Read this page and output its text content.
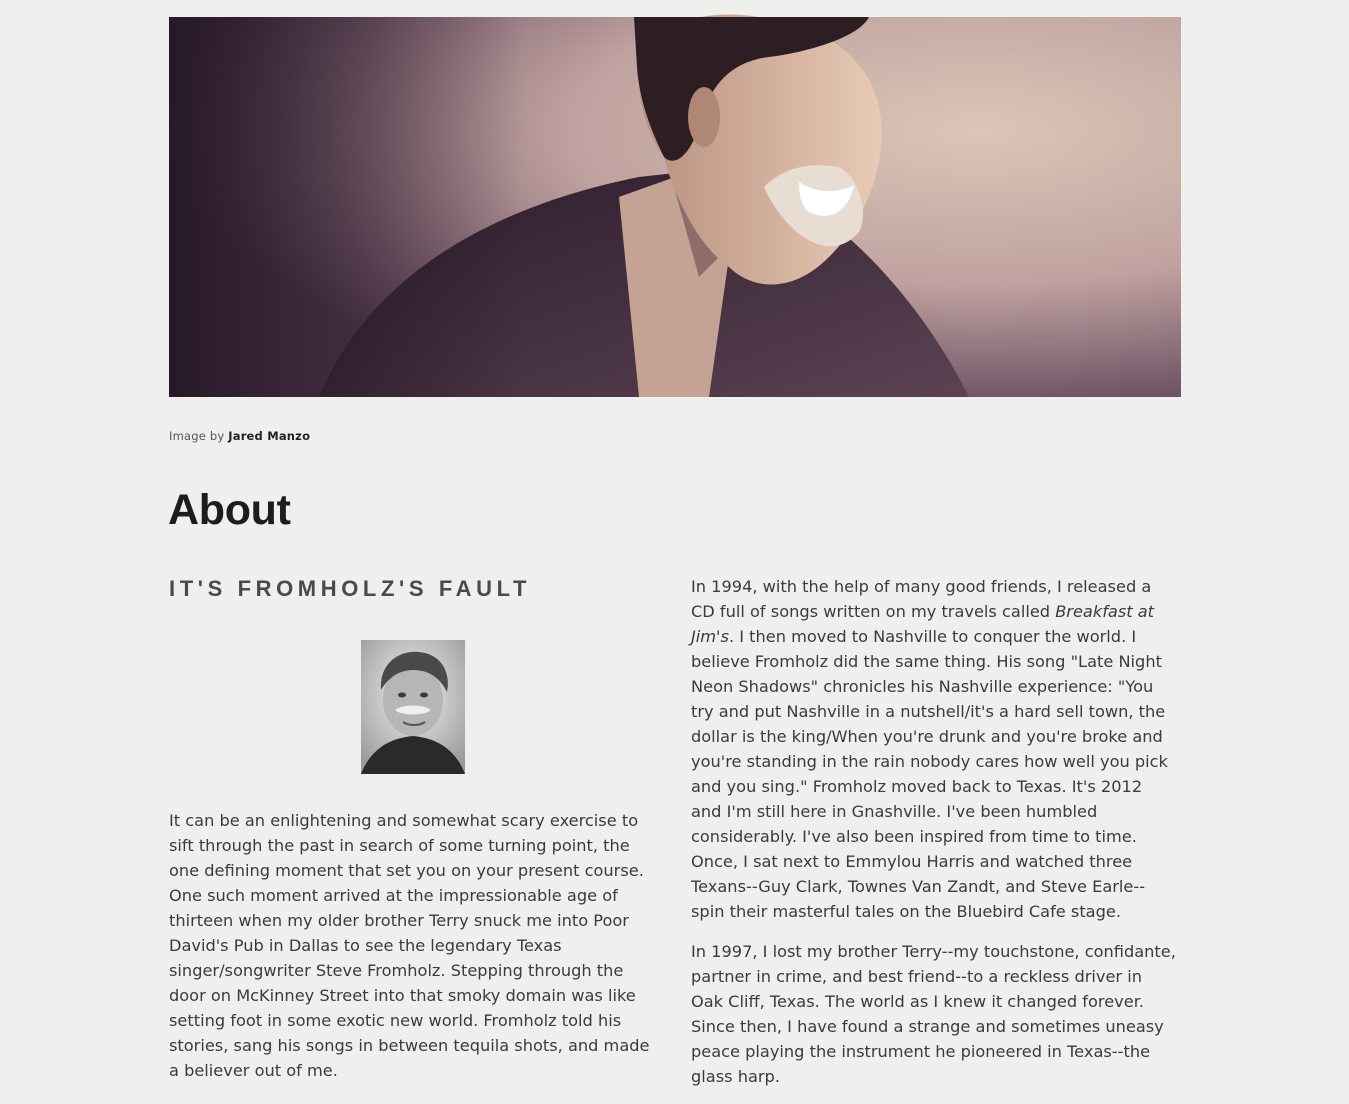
Image by Jared Manzo
About
IT'S FROMHOLZ'S FAULT

It can be an enlightening and somewhat scary exercise to sift through the past in search of some turning point, the one defining moment that set you on your present course. One such moment arrived at the impressionable age of thirteen when my older brother Terry snuck me into Poor David's Pub in Dallas to see the legendary Texas singer/songwriter Steve Fromholz. Stepping through the door on McKinney Street into that smoky domain was like setting foot in some exotic new world. Fromholz told his stories, sang his songs in between tequila shots, and made a believer out of me.

In 1994, with the help of many good friends, I released a CD full of songs written on my travels called Breakfast at Jim's. I then moved to Nashville to conquer the world. I believe Fromholz did the same thing. His song "Late Night Neon Shadows" chronicles his Nashville experience: "You try and put Nashville in a nutshell/it's a hard sell town, the dollar is the king/When you're drunk and you're broke and you're standing in the rain nobody cares how well you pick and you sing." Fromholz moved back to Texas. It's 2012 and I'm still here in Gnashville. I've been humbled considerably. I've also been inspired from time to time. Once, I sat next to Emmylou Harris and watched three Texans--Guy Clark, Townes Van Zandt, and Steve Earle--spin their masterful tales on the Bluebird Cafe stage.

In 1997, I lost my brother Terry--my touchstone, confidante, partner in crime, and best friend--to a reckless driver in Oak Cliff, Texas. The world as I knew it changed forever. Since then, I have found a strange and sometimes uneasy peace playing the instrument he pioneered in Texas--the glass harp.
